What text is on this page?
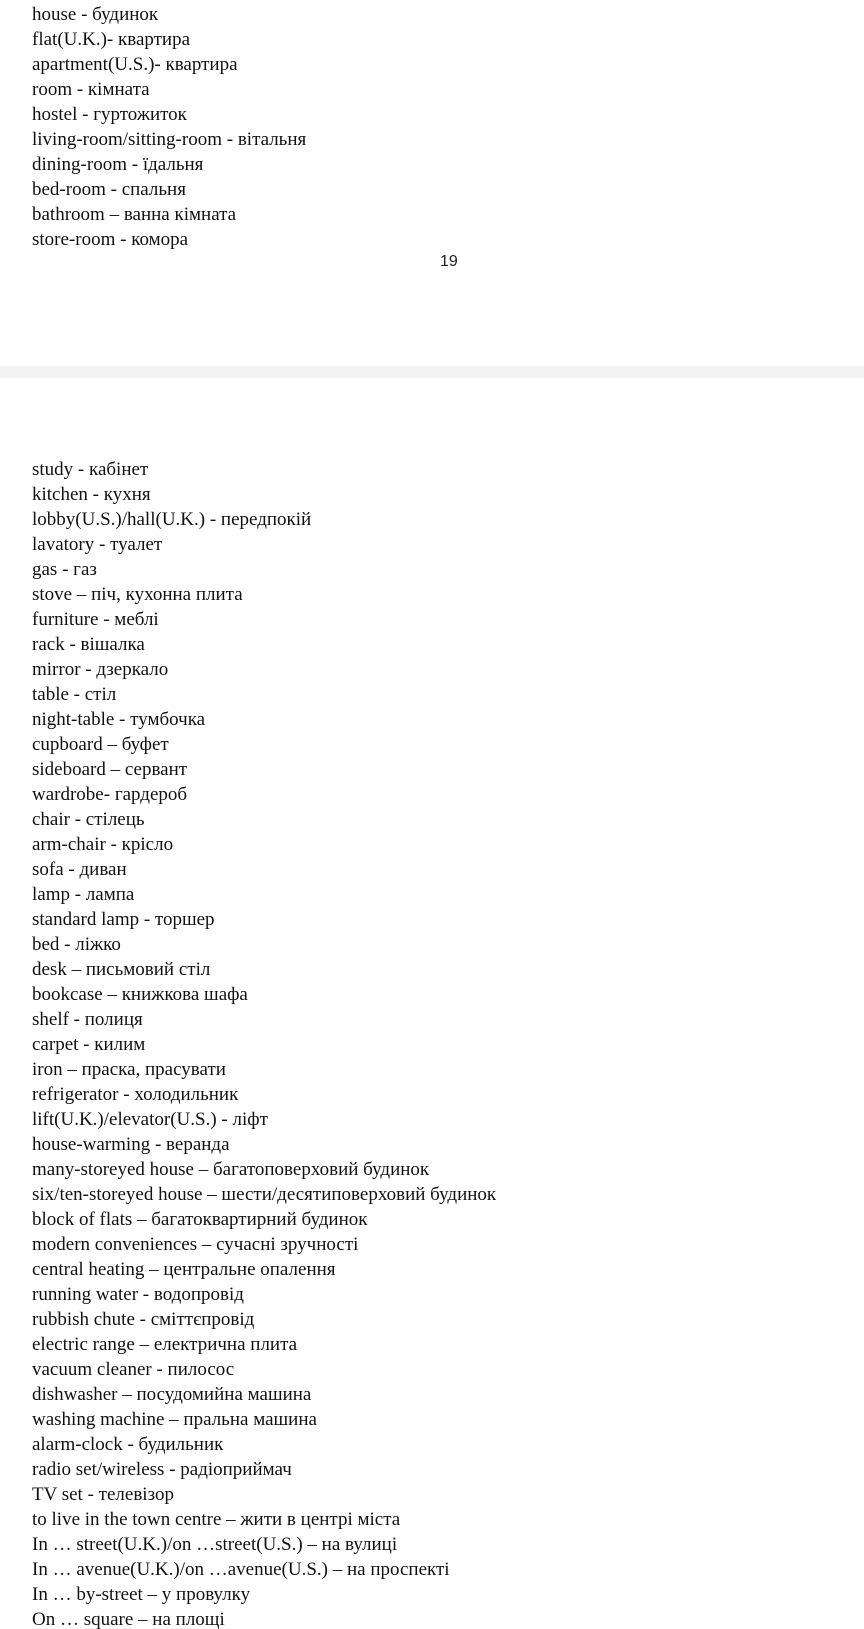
house - будинок
flat(U.K.)- квартира
apartment(U.S.)- квартира
room - кімната
hostel - гуртожиток
living-room/sitting-room - вітальня
dining-room - їдальня
bed-room - спальня
bathroom – ванна кімната
store-room - комора
19
study - кабінет
kitchen - кухня
lobby(U.S.)/hall(U.K.) - передпокій
lavatory - туалет
gas - газ
stove – піч, кухонна плита
furniture - меблі
rack - вішалка
mirror - дзеркало
table - стіл
night-table - тумбочка
cupboard – буфет
sideboard – сервант
wardrobe- гардероб
chair - стілець
arm-chair - крісло
sofa - диван
lamp - лампа
standard lamp - торшер
bed - ліжко
desk – письмовий стіл
bookcase – книжкова шафа
shelf - полиця
carpet - килим
iron – праска, прасувати
refrigerator - холодильник
lift(U.K.)/elevator(U.S.) - ліфт
house-warming - веранда
many-storeyed house – багатоповерховий будинок
six/ten-storeyed house – шести/десятиповерховий будинок
block of flats – багатоквартирний будинок
modern conveniences – сучасні зручності
central heating – центральне опалення
running water - водопровід
rubbish chute - сміттєпровід
electric range – електрична плита
vacuum cleaner - пилосос
dishwasher – посудомийна машина
washing machine – пральна машина
alarm-clock - будильник
radio set/wireless - радіоприймач
TV set - телевізор
to live in the town centre – жити в центрі міста
In … street(U.K.)/on …street(U.S.) – на вулиці
In … avenue(U.K.)/on …avenue(U.S.) – на проспекті
In … by-street – у провулку
On … square – на площі
